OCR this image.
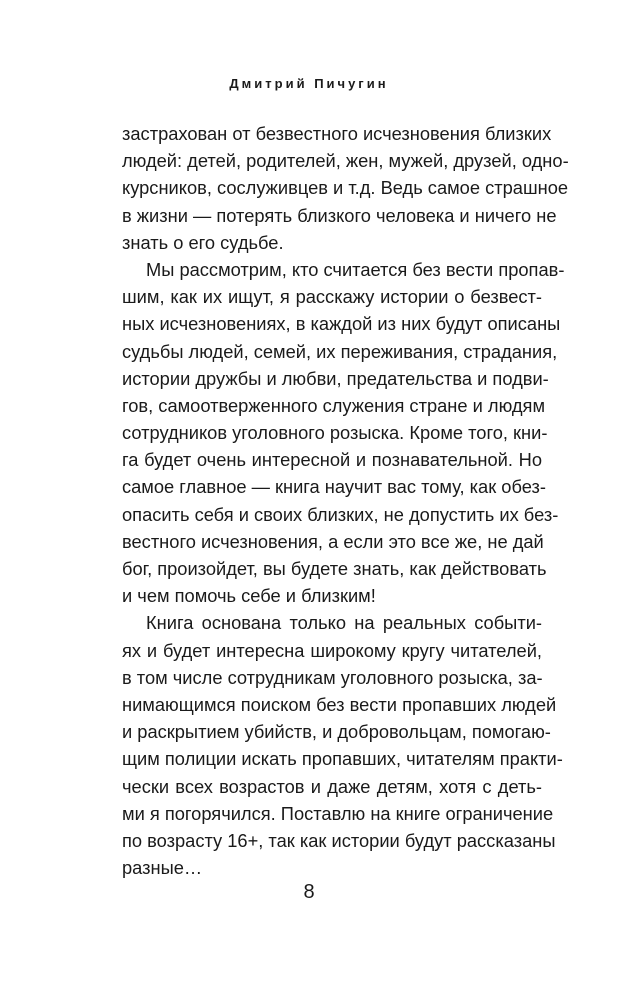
Дмитрий Пичугин
застрахован от безвестного исчезновения близких
людей: детей, родителей, жен, мужей, друзей, одно-
курсников, сослуживцев и т.д. Ведь самое страшное
в жизни — потерять близкого человека и ничего не
знать о его судьбе.
Мы рассмотрим, кто считается без вести пропав-
шим, как их ищут, я расскажу истории о безвест-
ных исчезновениях, в каждой из них будут описаны
судьбы людей, семей, их переживания, страдания,
истории дружбы и любви, предательства и подви-
гов, самоотверженного служения стране и людям
сотрудников уголовного розыска. Кроме того, кни-
га будет очень интересной и познавательной. Но
самое главное — книга научит вас тому, как обез-
опасить себя и своих близких, не допустить их без-
вестного исчезновения, а если это все же, не дай
бог, произойдет, вы будете знать, как действовать
и чем помочь себе и близким!
Книга основана только на реальных событи-
ях и будет интересна широкому кругу читателей,
в том числе сотрудникам уголовного розыска, за-
нимающимся поиском без вести пропавших людей
и раскрытием убийств, и добровольцам, помогаю-
щим полиции искать пропавших, читателям практи-
чески всех возрастов и даже детям, хотя с деть-
ми я погорячился. Поставлю на книге ограничение
по возрасту 16+, так как истории будут рассказаны
разные…
8
